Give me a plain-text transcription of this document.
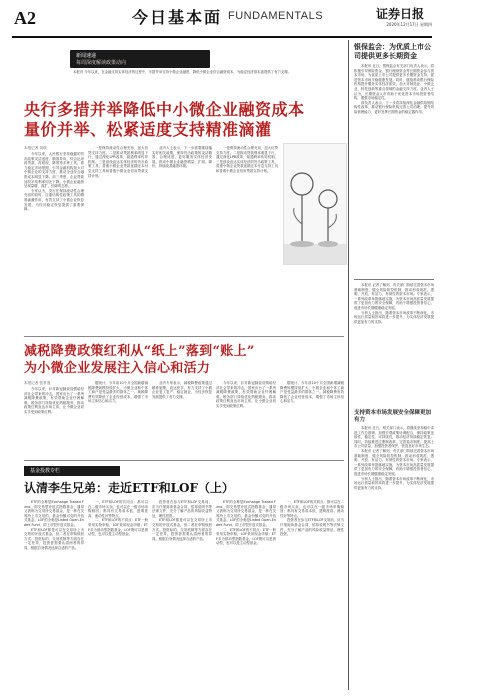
A2	今日基本面 FUNDAMENTALS	证券日报
2020年12月17日 星期四
新闻速递
每周深度解读政策动向

本报讯 今年以来，在金融支持实体经济的过程中，多措并举支持小微企业融资，降低小微企业综合融资成本，为稳定经济基本盘提供了有力支撑。

央行多措并举降低中小微企业融资成本
量价并举、松紧适度支持精准滴灌
本报记者 刘琪

今年以来，人民银行坚持稳健的货币政策灵活适度、精准导向，综合运用再贷款、再贴现、降准等多种工具，着力稳定市场预期，引导金融机构加大对小微企业的支持力度，推动企业综合融资成本明显下降。前三季度，企业贷款加权平均利率同比下降，小微企业融资呈现量增、面扩、价降的态势。

专家认为，央行在保持流动性合理充裕的同时，注重结构性政策工具的精准滴灌作用，有效支持了小微企业恢复发展，为经济稳定恢复提供了重要保障。

一是保持流动性合理充裕，加大信贷支持力度。二是推动贷款利率明显下行，通过深化LPR改革，疏通利率传导机制。三是创设直达实体经济的货币政策工具，普惠小微企业贷款延期还本付息支持工具和普惠小微企业信用贷款支持计划。

业内人士表示，下一步需要继续落实好相关政策，保持货币政策的灵活精准、合理适度，更好服务实体经济发展，推动小微企业融资增量、扩面、降价，持续改善融资环境。

一是保持流动性合理充裕，加大信贷支持力度。二是推动贷款利率明显下行，通过深化LPR改革，疏通利率传导机制。三是创设直达实体经济的货币政策工具，普惠小微企业贷款延期还本付息支持工具和普惠小微企业信用贷款支持计划。

减税降费政策红利从“纸上”落到“账上”
为小微企业发展注入信心和活力
本报记者 张芗逸

今年以来，针对新冠肺炎疫情给经济社会带来的冲击，国家出台了一系列减税降费政策，有效帮助企业纾困解难。税务部门持续优化纳税服务，推动政策红利直达市场主体，让小微企业切实享受到政策红利。

据统计，今年前10个月全国新增减税降费规模持续扩大，小微企业和个体工商户是受益最多的群体之一。减税降费有效降低了企业经营成本，增强了市场主体信心和活力。

业内专家表示，减税降费政策通过精准施策、直达快享，有力支持了小微企业复工复产、稳定就业，为经济恢复发展提供了有力支撑。

今年以来，针对新冠肺炎疫情给经济社会带来的冲击，国家出台了一系列减税降费政策，有效帮助企业纾困解难。税务部门持续优化纳税服务，推动政策红利直达市场主体，让小微企业切实享受到政策红利。

据统计，今年前10个月全国新增减税降费规模持续扩大，小微企业和个体工商户是受益最多的群体之一。减税降费有效降低了企业经营成本，增强了市场主体信心和活力。

基金投教专栏
认清李生兄弟：走近ETF和LOF（上）

ETF的全称是Exchange Traded Fund，即交易型开放式指数基金，通常又被称为交易所交易基金，是一种在交易所上市交易的、基金份额可变的开放式基金。LOF的全称是Listed Open-Ended Fund，即上市型开放式基金。

ETF和LOF都是可以在交易所上市交易的开放式基金，但二者在申购赎回方式、投资标的、交易机制等方面存在一定差异，投资者需要认清两者的异同，根据自身情况选择合适的产品。

一、ETF和LOF的共同点：都可以在二级市场买卖，也可以在一级市场申购赎回；都具有交易成本低、透明度高、流动性好等特点。

二、ETF和LOF的不同点：ETF一般采用实物申赎，LOF采用现金申赎；ETF多为被动型指数基金，LOF既可以是被动型，也可以是主动型基金。

投资者在参与ETF和LOF交易前，应当仔细阅读基金合同、招募说明书等法律文件，充分了解产品的风险收益特征，理性投资。

ETF和LOF都是可以在交易所上市交易的开放式基金，但二者在申购赎回方式、投资标的、交易机制等方面存在一定差异，投资者需要认清两者的异同，根据自身情况选择合适的产品。

ETF的全称是Exchange Traded Fund，即交易型开放式指数基金，通常又被称为交易所交易基金，是一种在交易所上市交易的、基金份额可变的开放式基金。LOF的全称是Listed Open-Ended Fund，即上市型开放式基金。

二、ETF和LOF的不同点：ETF一般采用实物申赎，LOF采用现金申赎；ETF多为被动型指数基金，LOF既可以是被动型，也可以是主动型基金。

一、ETF和LOF的共同点：都可以在二级市场买卖，也可以在一级市场申购赎回；都具有交易成本低、透明度高、流动性好等特点。

投资者在参与ETF和LOF交易前，应当仔细阅读基金合同、招募说明书等法律文件，充分了解产品的风险收益特征，理性投资。

银保监会：为优质上市公司提供更多长期资金

本报讯 近日，银保监会有关部门负责人表示，将积极引导保险资金、银行理财资金等长期资金参与资本市场，为优质上市公司提供更多长期资金支持，促进资本市场平稳健康发展。同时，继续推动银行保险机构提升服务实体经济质效，加大对制造业、小微企业、科技创新等重点领域的金融支持力度。业内人士认为，长期资金入市有助于优化资本市场投资者结构，增强市场稳定性。

该负责人表示，下一步将持续深化金融供给侧结构性改革，推动银行保险机构完善公司治理，提升风险管理能力，更好发挥长期资金的稳定器作用。

本报讯 记者了解到，有关部门持续完善资本市场基础制度，健全风险防控机制，推动形成规范、透明、开放、有活力、有韧性的资本市场。专家表示，一系列改革举措落地实施，为资本市场高质量发展提供了更加有力的安全保障，有助于增强投资者信心，促进市场长期健康稳定发展。

分析人士指出，随着资本市场改革不断深化，市场运行质量和效率将进一步提升，为实体经济发展提供更加有力的支持。

支持资本市场发展安全保障更加有力

本报讯 近日，相关部门表示，将继续坚持稳中求进工作总基调，加强宏观政策协调配合，保持政策连续性、稳定性、可持续性，推动经济持续稳定恢复。同时，持续推进注册制改革，完善退市制度，提高上市公司质量，加强投资者保护，营造良好市场生态。

本报讯 记者了解到，有关部门持续完善资本市场基础制度，健全风险防控机制，推动形成规范、透明、开放、有活力、有韧性的资本市场。专家表示，一系列改革举措落地实施，为资本市场高质量发展提供了更加有力的安全保障，有助于增强投资者信心，促进市场长期健康稳定发展。

分析人士指出，随着资本市场改革不断深化，市场运行质量和效率将进一步提升，为实体经济发展提供更加有力的支持。
